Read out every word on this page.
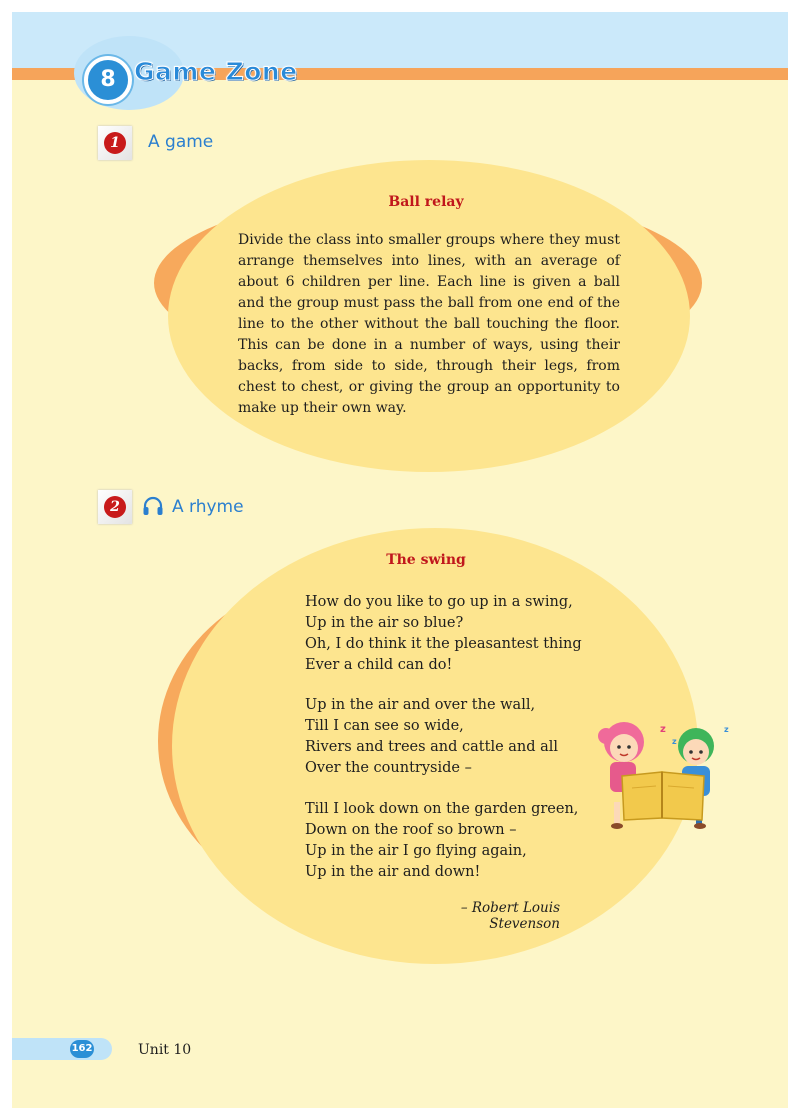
8 Game Zone
1	A game
Ball relay

Divide the class into smaller groups where they must arrange themselves into lines, with an average of about 6 children per line. Each line is given a ball and the group must pass the ball from one end of the line to the other without the ball touching the floor. This can be done in a number of ways, using their backs, from side to side, through their legs, from chest to chest, or giving the group an opportunity to make up their own way.

2	A rhyme
The swing
How do you like to go up in a swing,
Up in the air so blue?
Oh, I do think it the pleasantest thing
Ever a child can do!
Up in the air and over the wall,
Till I can see so wide,
Rivers and trees and cattle and all
Over the countryside –
Till I look down on the garden green,
Down on the roof so brown –
Up in the air I go flying again,
Up in the air and down!
– Robert Louis Stevenson
z
z
z
162	Unit 10
